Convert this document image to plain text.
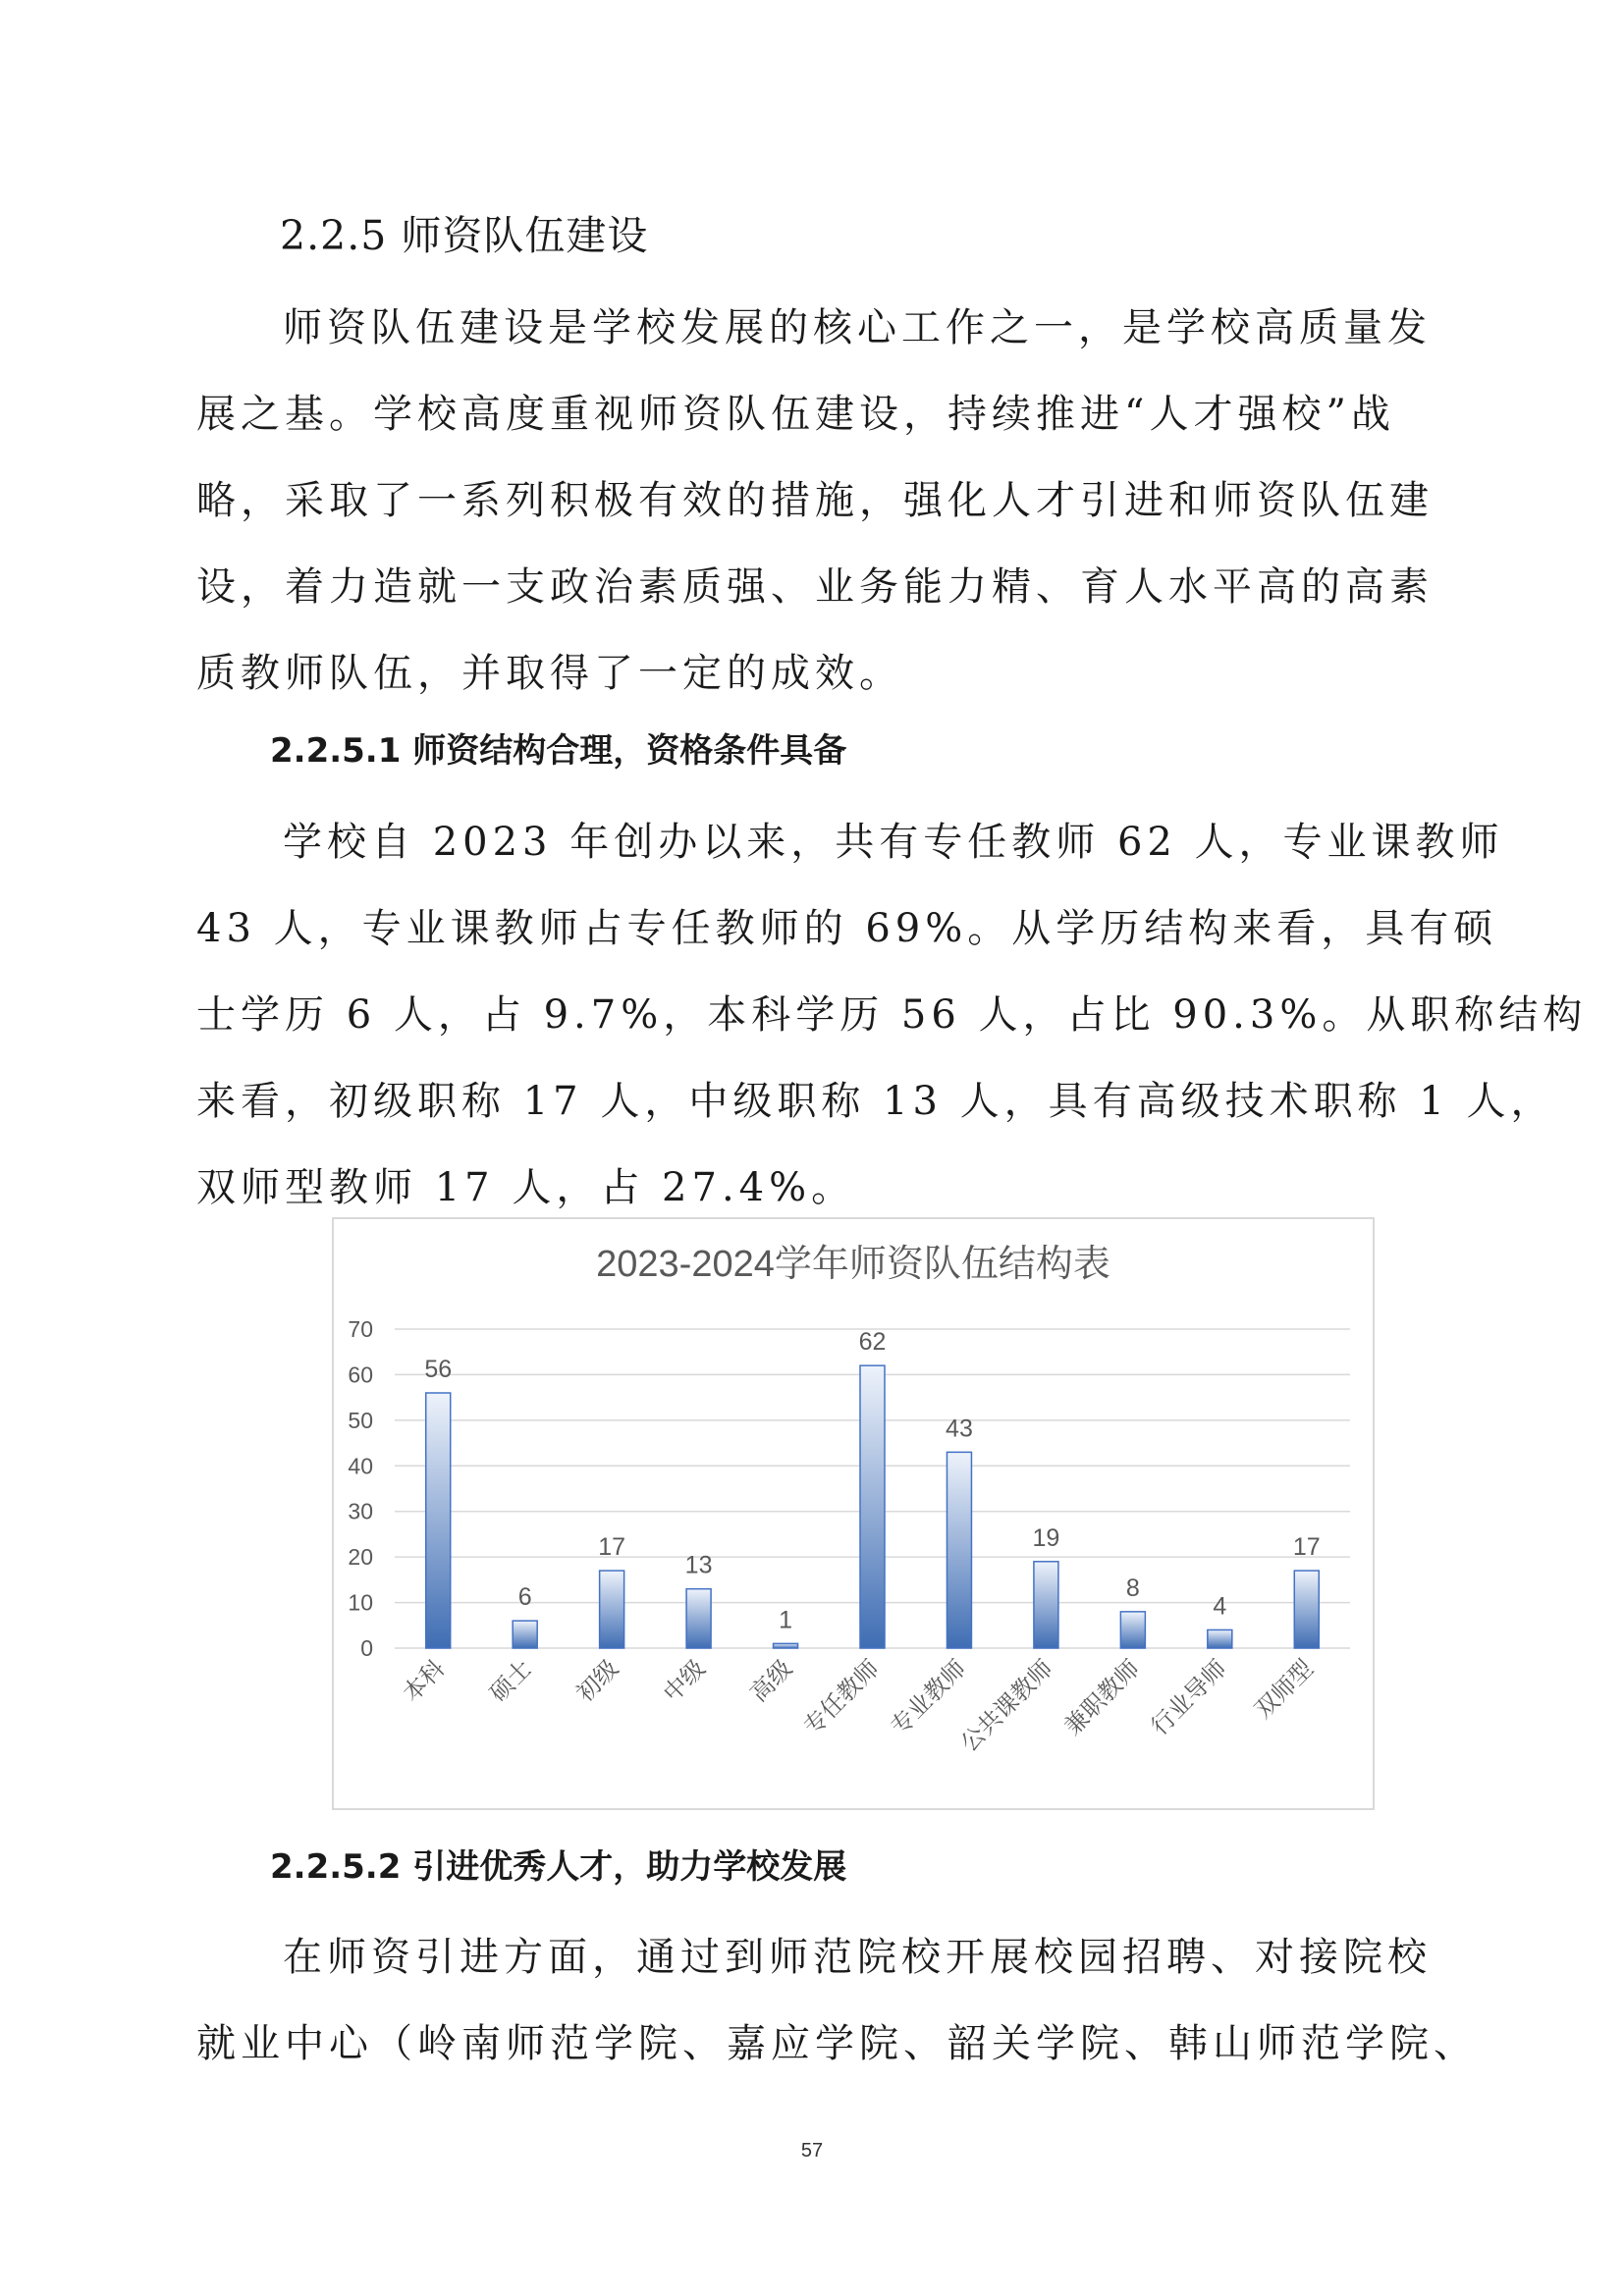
2.2.5 师资队伍建设
师资队伍建设是学校发展的核心工作之一，是学校高质量发
展之基。学校高度重视师资队伍建设，持续推进“人才强校”战
略，采取了一系列积极有效的措施，强化人才引进和师资队伍建
设，着力造就一支政治素质强、业务能力精、育人水平高的高素
质教师队伍，并取得了一定的成效。
2.2.5.1 师资结构合理，资格条件具备
学校自 2023 年创办以来，共有专任教师 62 人，专业课教师
43 人，专业课教师占专任教师的 69%。从学历结构来看，具有硕
士学历 6 人，占 9.7%，本科学历 56 人，占比 90.3%。从职称结构
来看，初级职称 17 人，中级职称 13 人，具有高级技术职称 1 人，
双师型教师 17 人，占 27.4%。
2023-2024学年师资队伍结构表
0
10
20
30
40
50
60
70
56
6
17
13
1
62
43
19
8
4
17
本科 硕士 初级 中级 高级 专任教师 专业教师
公共课教师 兼职教师 行业导师 双师型
2.2.5.2 引进优秀人才，助力学校发展
在师资引进方面，通过到师范院校开展校园招聘、对接院校
就业中心（岭南师范学院、嘉应学院、韶关学院、韩山师范学院、
57
